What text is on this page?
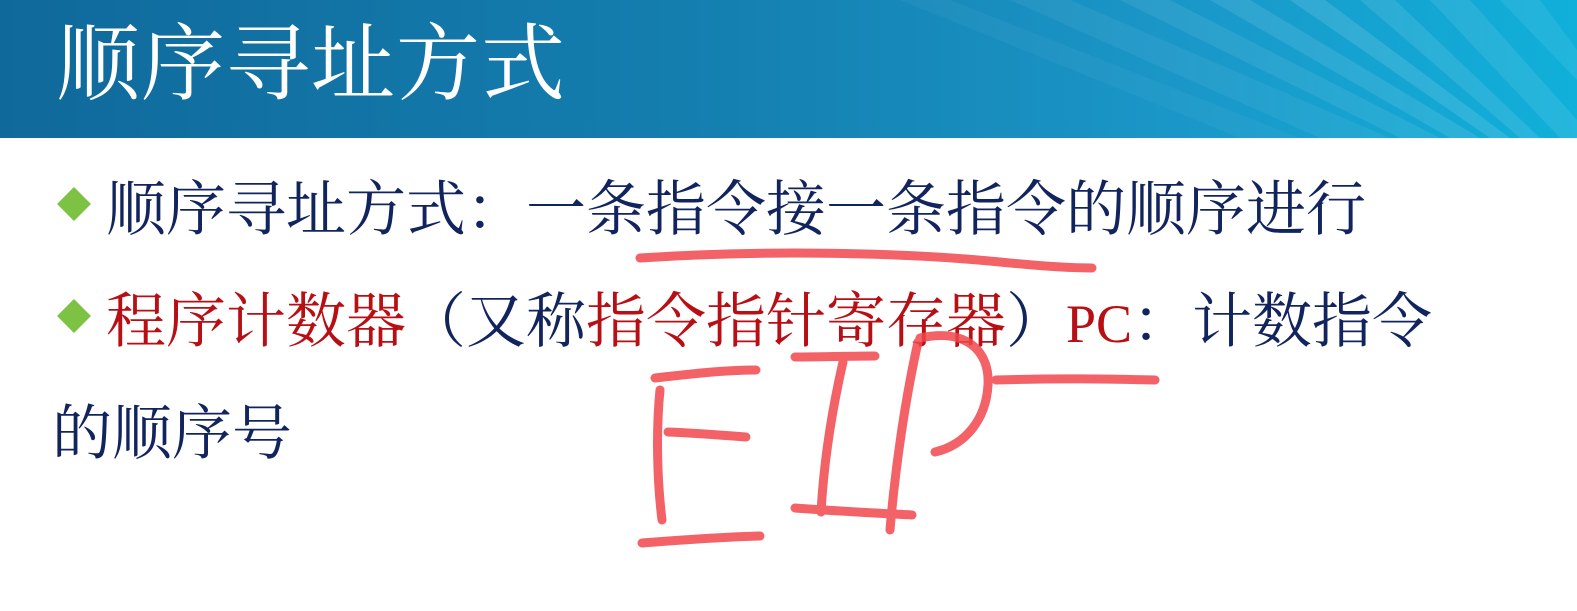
顺序寻址方式

顺序寻址方式：一条指令接一条指令的顺序进行

程序计数器（又称指令指针寄存器）PC：计数指令

的顺序号
